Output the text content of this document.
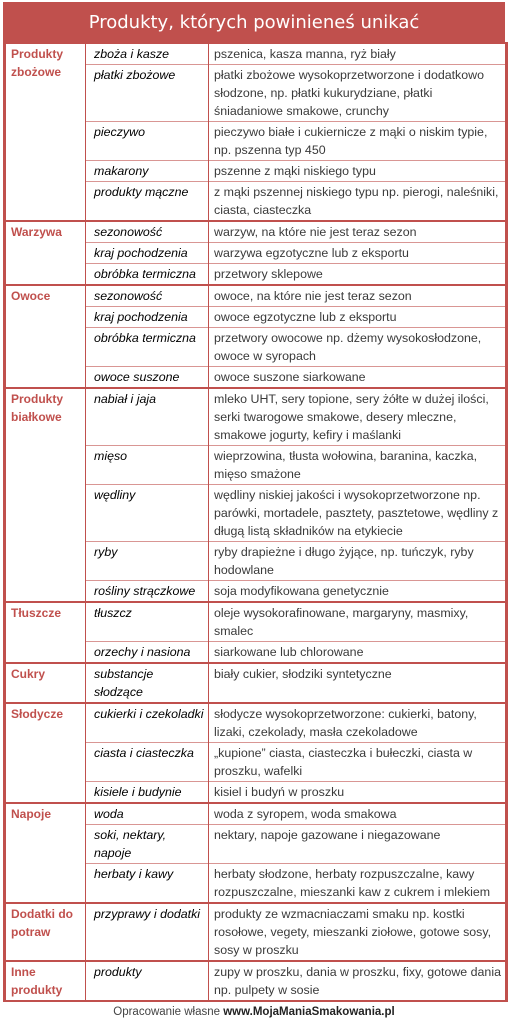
Produkty, których powinieneś unikać
Produkty zbożowe	zboża i kasze	pszenica, kasza manna, ryż biały
	płatki zbożowe	płatki zbożowe wysokoprzetworzone i dodatkowo słodzone, np. płatki kukurydziane, płatki śniadaniowe smakowe, crunchy
	pieczywo	pieczywo białe i cukiernicze z mąki o niskim typie, np. pszenna typ 450
	makarony	pszenne z mąki niskiego typu
	produkty mączne	z mąki pszennej niskiego typu np. pierogi, naleśniki, ciasta, ciasteczka
Warzywa	sezonowość	warzyw, na które nie jest teraz sezon
	kraj pochodzenia	warzywa egzotyczne lub z eksportu
	obróbka termiczna	przetwory sklepowe
Owoce	sezonowość	owoce, na które nie jest teraz sezon
	kraj pochodzenia	owoce egzotyczne lub z eksportu
	obróbka termiczna	przetwory owocowe np. dżemy wysokosłodzone, owoce w syropach
	owoce suszone	owoce suszone siarkowane
Produkty białkowe	nabiał i jaja	mleko UHT, sery topione, sery żółte w dużej ilości, serki twarogowe smakowe, desery mleczne, smakowe jogurty, kefiry i maślanki
	mięso	wieprzowina, tłusta wołowina, baranina, kaczka, mięso smażone
	wędliny	wędliny niskiej jakości i wysokoprzetworzone np. parówki, mortadele, pasztety, pasztetowe, wędliny z długą listą składników na etykiecie
	ryby	ryby drapieżne i długo żyjące, np. tuńczyk, ryby hodowlane
	rośliny strączkowe	soja modyfikowana genetycznie
Tłuszcze	tłuszcz	oleje wysokorafinowane, margaryny, masmixy, smalec
	orzechy i nasiona	siarkowane lub chlorowane
Cukry	substancje słodzące	biały cukier, słodziki syntetyczne
Słodycze	cukierki i czekoladki	słodycze wysokoprzetworzone: cukierki, batony, lizaki, czekolady, masła czekoladowe
	ciasta i ciasteczka	„kupione” ciasta, ciasteczka i bułeczki, ciasta w proszku, wafelki
	kisiele i budynie	kisiel i budyń w proszku
Napoje	woda	woda z syropem, woda smakowa
	soki, nektary, napoje	nektary, napoje gazowane i niegazowane
	herbaty i kawy	herbaty słodzone, herbaty rozpuszczalne, kawy rozpuszczalne, mieszanki kaw z cukrem i mlekiem
Dodatki do potraw	przyprawy i dodatki	produkty ze wzmacniaczami smaku np. kostki rosołowe, vegety, mieszanki ziołowe, gotowe sosy, sosy w proszku
Inne produkty	produkty	zupy w proszku, dania w proszku, fixy, gotowe dania np. pulpety w sosie
Opracowanie własne www.MojaManiaSmakowania.pl
